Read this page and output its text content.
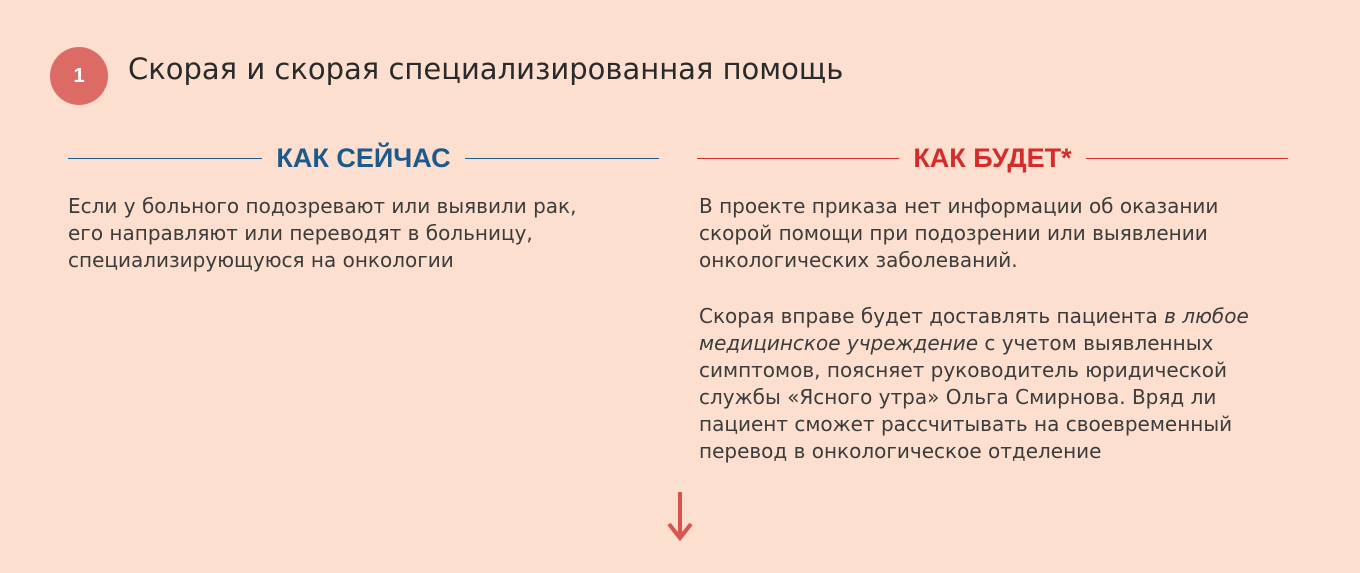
1 Скорая и скорая специализированная помощь
КАК СЕЙЧАС	КАК БУДЕТ*
Если у больного подозревают или выявили рак,
его направляют или переводят в больницу,
специализирующуюся на онкологии
В проекте приказа нет информации об оказании
скорой помощи при подозрении или выявлении
онкологических заболеваний.
Скорая вправе будет доставлять пациента в любое
медицинское учреждение с учетом выявленных
симптомов, поясняет руководитель юридической
службы «Ясного утра» Ольга Смирнова. Вряд ли
пациент сможет рассчитывать на своевременный
перевод в онкологическое отделение
